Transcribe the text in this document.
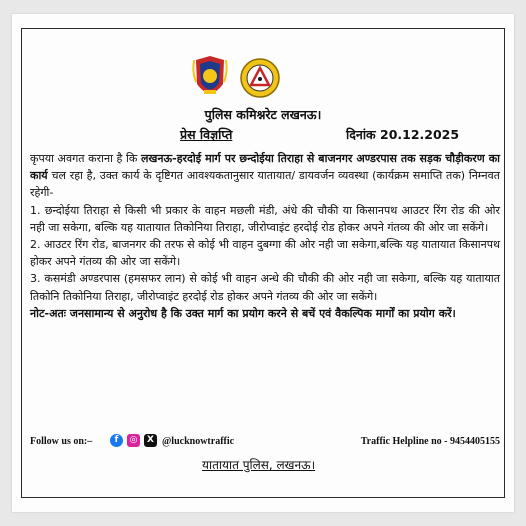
पुलिस कमिश्नरेट लखनऊ।
प्रेस विज्ञप्ति	दिनांक 20.12.2025

कृपया अवगत कराना है कि लखनऊ-हरदोई मार्ग पर छन्दोईया तिराहा से बाजनगर अण्डरपास तक सड़क चौड़ीकरण का कार्य चल रहा है, उक्त कार्य के दृष्टिगत आवश्यकतानुसार यातायात/ डायवर्जन व्यवस्था (कार्यक्रम समाप्ति तक) निम्नवत रहेगी-

1. छन्दोईया तिराहा से किसी भी प्रकार के वाहन मछली मंडी, अंधे की चौकी या किसानपथ आउटर रिंग रोड की ओर नही जा सकेगा, बल्कि यह यातायात तिकोनिया तिराहा, जीरोप्वाइंट हरदोई रोड होकर अपने गंतव्य की ओर जा सकेंगे।

2. आउटर रिंग रोड, बाजनगर की तरफ से कोई भी वाहन दुबग्गा की ओर नही जा सकेगा,बल्कि यह यातायात किसानपथ होकर अपने गंतव्य की ओर जा सकेंगे।

3. कसमंडी अण्डरपास (हमसफर लान) से कोई भी वाहन अन्धे की चौकी की ओर नही जा सकेगा, बल्कि यह यातायात तिकोनि तिकोनिया तिराहा, जीरोप्वाइंट हरदोई रोड होकर अपने गंतव्य की ओर जा सकेंगे।

नोट-अतः जनसामान्य से अनुरोध है कि उक्त मार्ग का प्रयोग करने से बचें एवं वैकल्पिक मार्गों का प्रयोग करें।

Follow us on:–	f	◎	X @lucknowtraffic	Traffic Helpline no - 9454405155
यातायात पुलिस, लखनऊ।
